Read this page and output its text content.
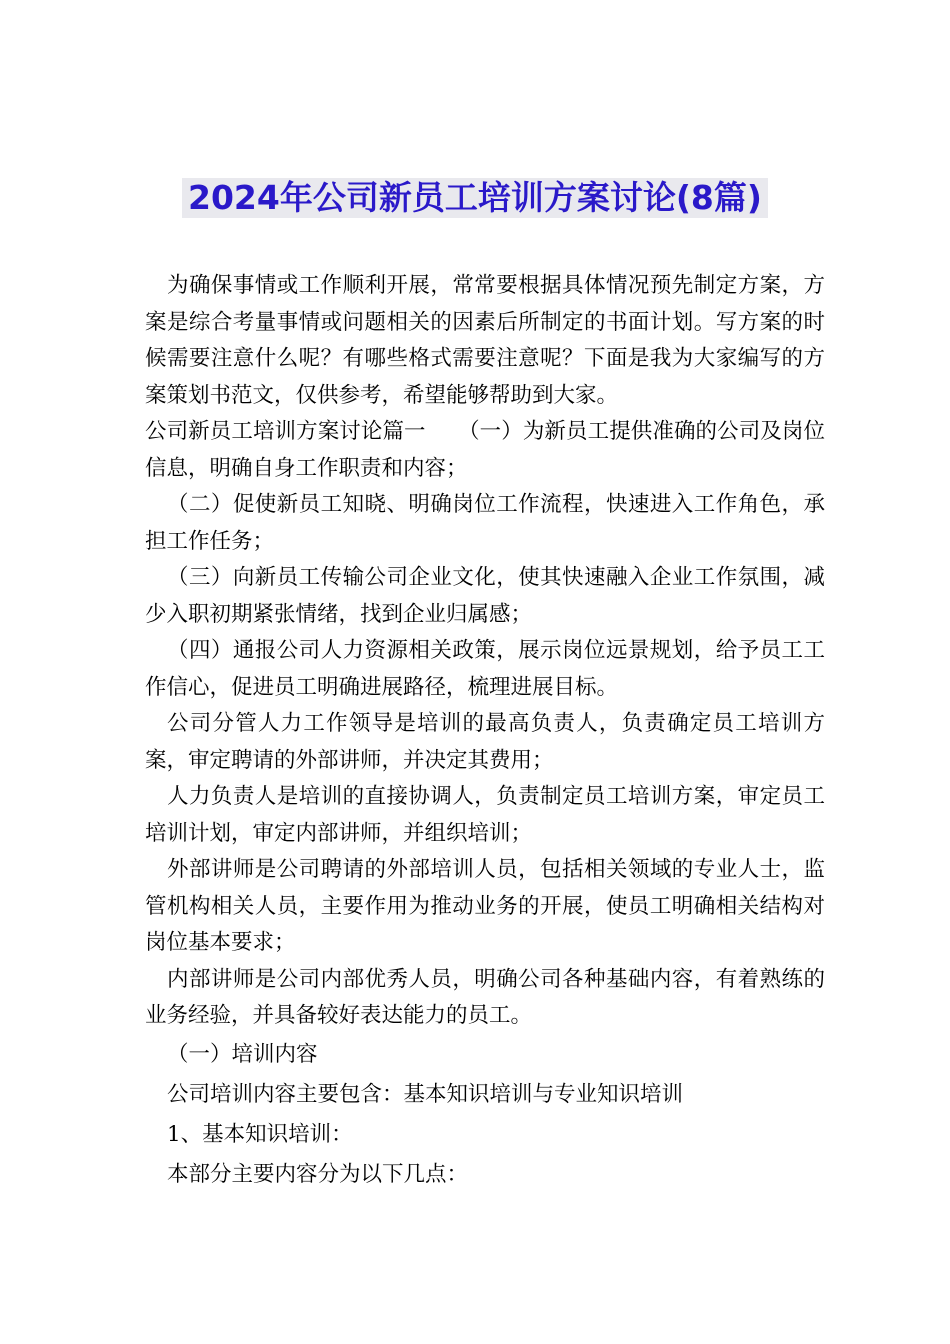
2024年公司新员工培训方案讨论(8篇)

为确保事情或工作顺利开展，常常要根据具体情况预先制定方案，方案是综合考量事情或问题相关的因素后所制定的书面计划。写方案的时候需要注意什么呢？有哪些格式需要注意呢？下面是我为大家编写的方案策划书范文，仅供参考，希望能够帮助到大家。

公司新员工培训方案讨论篇一　　（一）为新员工提供准确的公司及岗位信息，明确自身工作职责和内容；

（二）促使新员工知晓、明确岗位工作流程，快速进入工作角色，承担工作任务；

（三）向新员工传输公司企业文化，使其快速融入企业工作氛围，减少入职初期紧张情绪，找到企业归属感；

（四）通报公司人力资源相关政策，展示岗位远景规划，给予员工工作信心，促进员工明确进展路径，梳理进展目标。

公司分管人力工作领导是培训的最高负责人，负责确定员工培训方案，审定聘请的外部讲师，并决定其费用；

人力负责人是培训的直接协调人，负责制定员工培训方案，审定员工培训计划，审定内部讲师，并组织培训；

外部讲师是公司聘请的外部培训人员，包括相关领域的专业人士，监管机构相关人员，主要作用为推动业务的开展，使员工明确相关结构对岗位基本要求；

内部讲师是公司内部优秀人员，明确公司各种基础内容，有着熟练的业务经验，并具备较好表达能力的员工。

（一）培训内容

公司培训内容主要包含：基本知识培训与专业知识培训

1、基本知识培训：

本部分主要内容分为以下几点：
